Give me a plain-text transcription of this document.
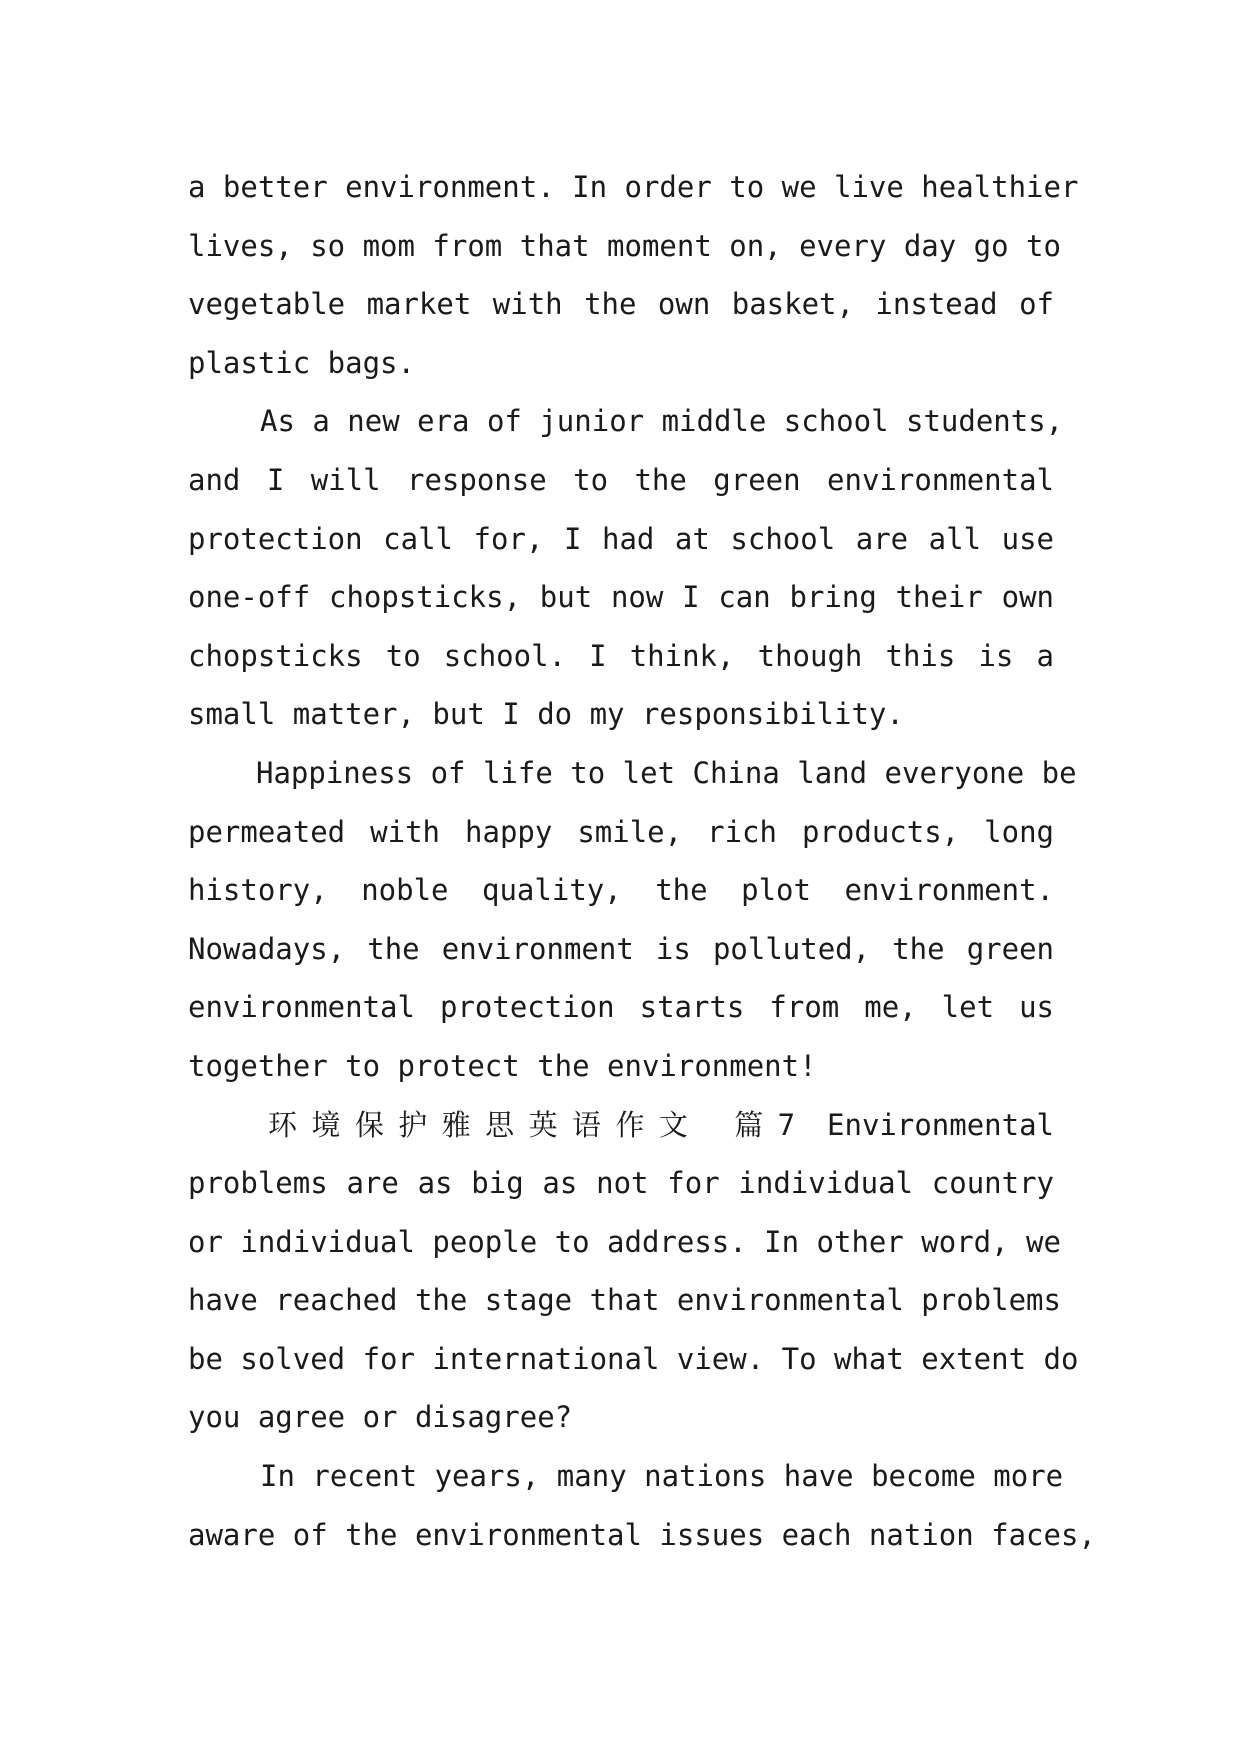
a better environment. In order to we live healthier
lives, so mom from that moment on, every day go to
vegetable market with the own basket, instead of
plastic bags.
As a new era of junior middle school students,
and I will response to the green environmental
protection call for, I had at school are all use
one-off chopsticks, but now I can bring their own
chopsticks to school. I think, though this is a
small matter, but I do my responsibility.
Happiness of life to let China land everyone be
permeated with happy smile, rich products, long
history, noble quality, the plot environment.
Nowadays, the environment is polluted, the green
environmental protection starts from me, let us
together to protect the environment!
环境保护雅思英语作文 篇7 Environmental
problems are as big as not for individual country
or individual people to address. In other word, we
have reached the stage that environmental problems
be solved for international view. To what extent do
you agree or disagree?
In recent years, many nations have become more
aware of the environmental issues each nation faces,
